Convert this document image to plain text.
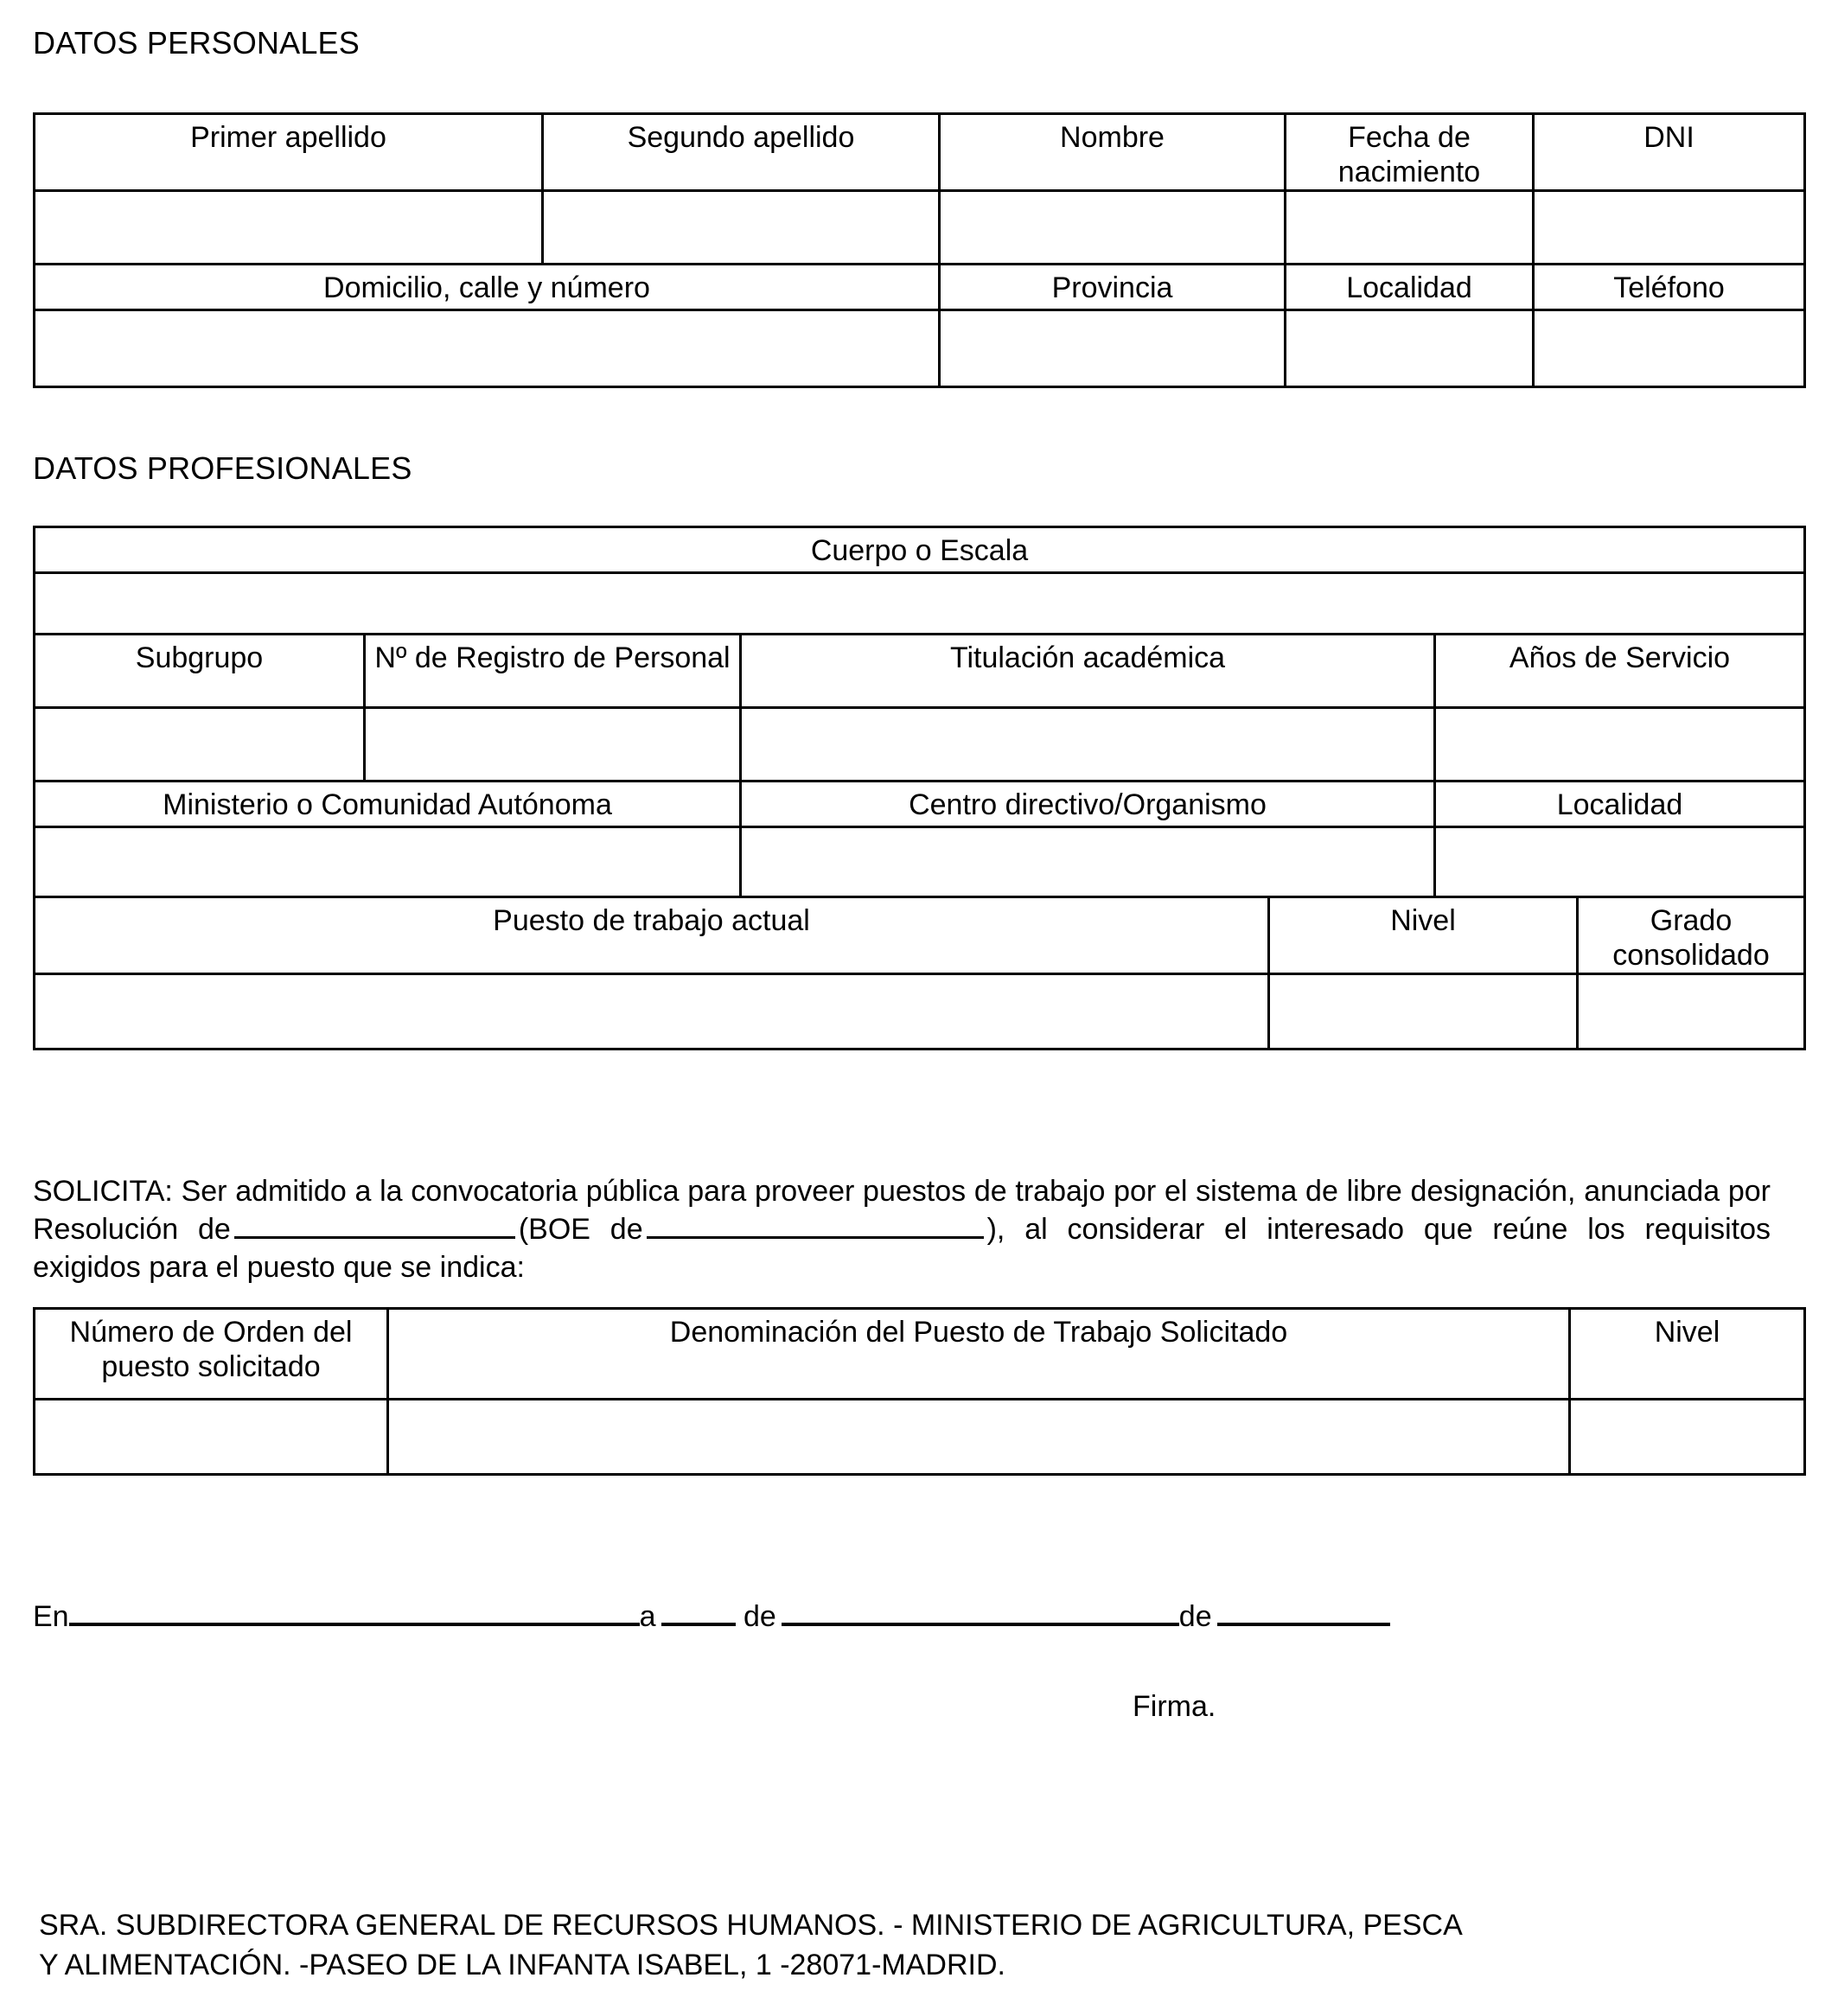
DATOS PERSONALES
Primer apellido	Segundo apellido	Nombre	Fecha de nacimiento	DNI

Domicilio, calle y número		Provincia	Localidad	Teléfono

DATOS PROFESIONALES
Cuerpo o Escala					

Subgrupo	Nº de Registro de Personal	Titulación académica		Años de Servicio	

Ministerio o Comunidad Autónoma		Centro directivo/Organismo		Localidad	

Puesto de trabajo actual			Nivel		Grado consolidado

SOLICITA: Ser admitido a la convocatoria pública para proveer puestos de trabajo por el sistema de libre designación, anunciada por Resolución de	(BOE de	), al considerar el interesado que reúne los requisitos exigidos para el puesto que se indica:

Número de Orden del puesto solicitado	Denominación del Puesto de Trabajo Solicitado	Nivel

En	a	de	de
Firma.
SRA. SUBDIRECTORA GENERAL DE RECURSOS HUMANOS. - MINISTERIO DE AGRICULTURA, PESCA
Y ALIMENTACIÓN. -PASEO DE LA INFANTA ISABEL, 1 -28071-MADRID.
